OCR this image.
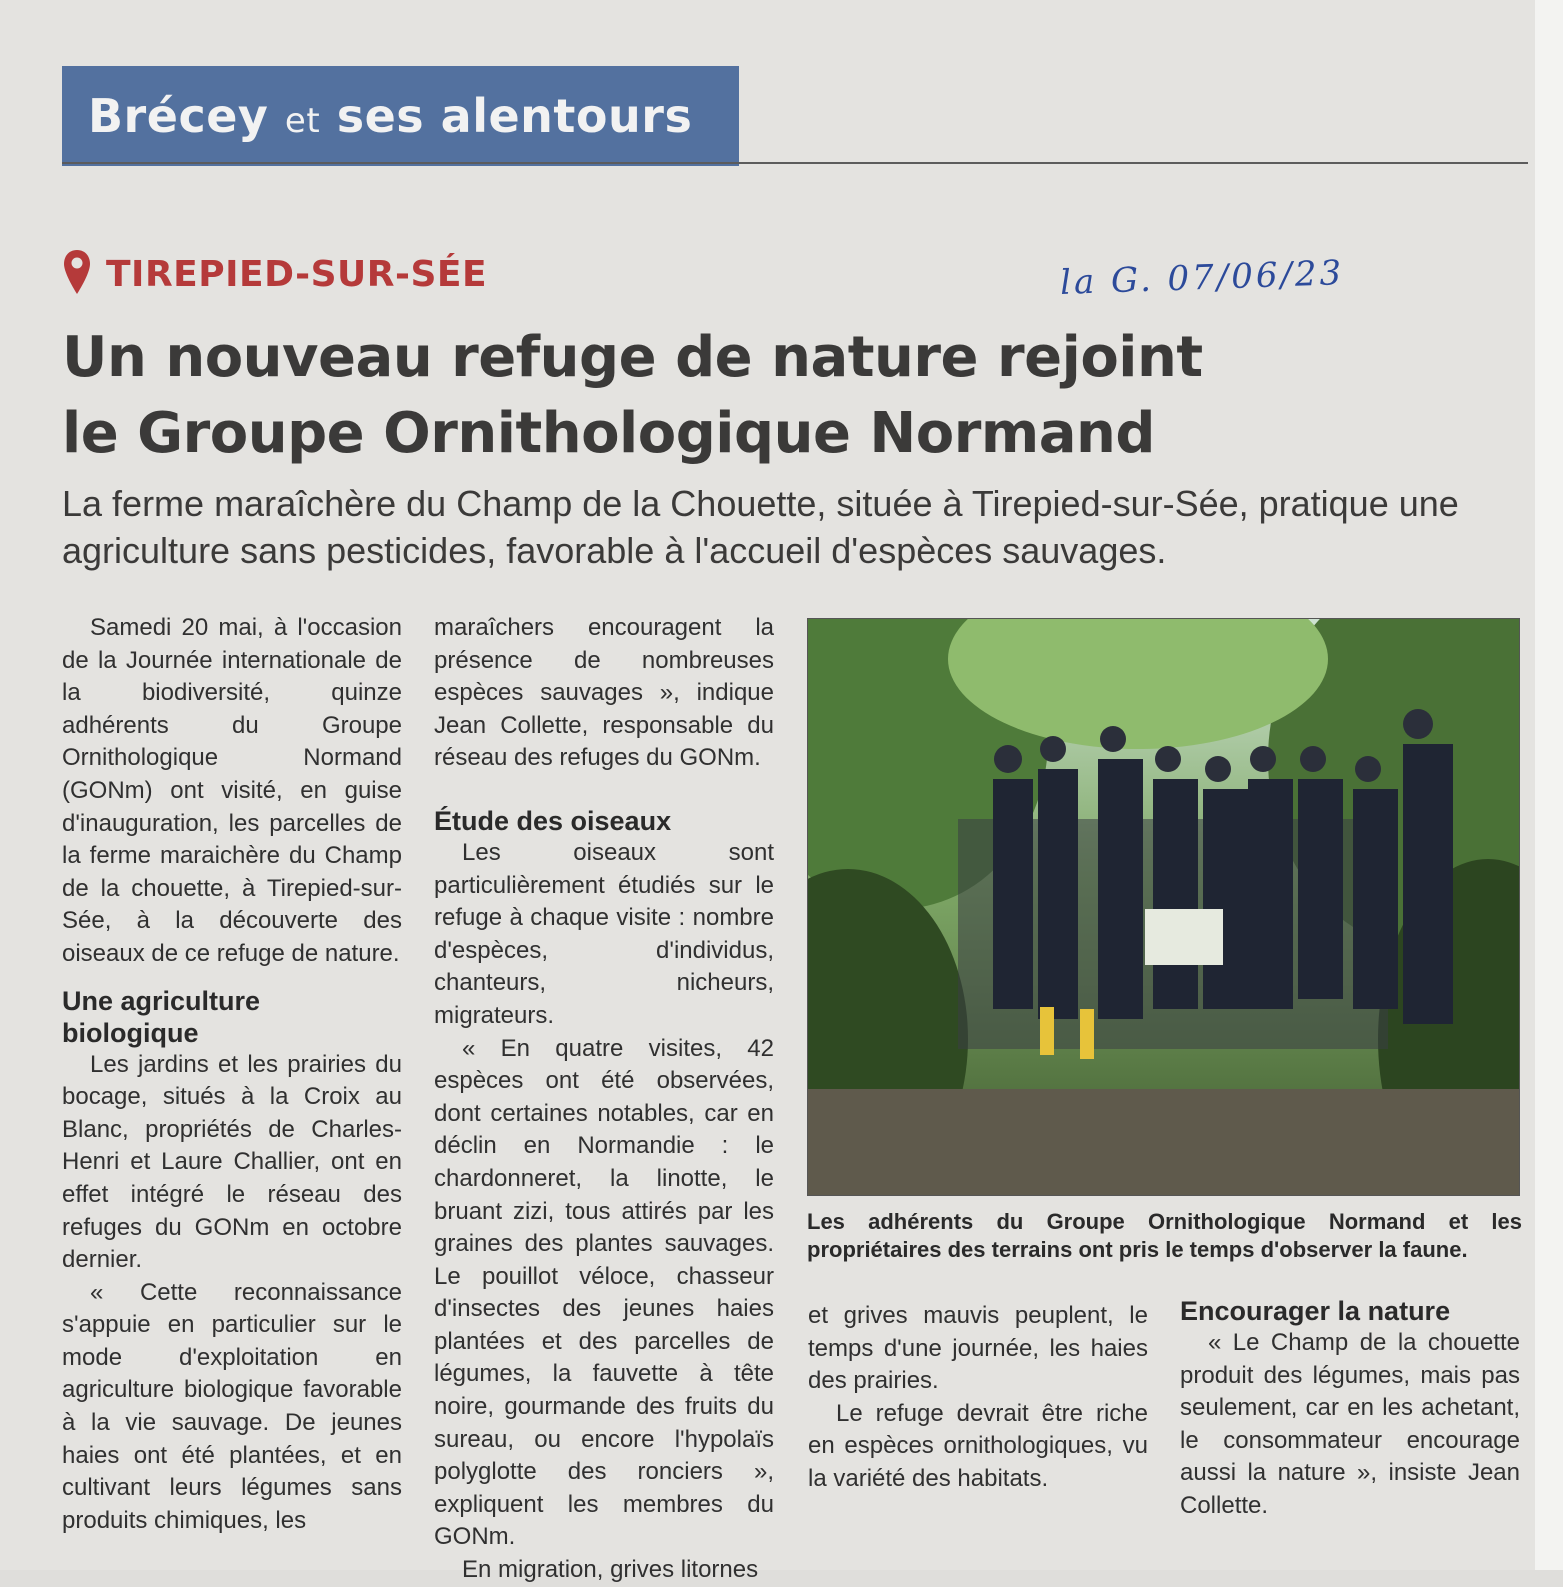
Brécey et ses alentours
TIREPIED-SUR-SÉE	la G. 07/06/23
Un nouveau refuge de nature rejoint
le Groupe Ornithologique Normand
La ferme maraîchère du Champ de la Chouette, située à Tirepied-sur-Sée, pratique une agriculture sans pesticides, favorable à l'accueil d'espèces sauvages.

Samedi 20 mai, à l'occasion de la Journée internationale de la biodiversité, quinze adhérents du Groupe Ornithologique Normand (GONm) ont visité, en guise d'inauguration, les parcelles de la ferme maraichère du Champ de la chouette, à Tirepied-sur-Sée, à la découverte des oiseaux de ce refuge de nature.

Une agriculture biologique

Les jardins et les prairies du bocage, situés à la Croix au Blanc, propriétés de Charles-Henri et Laure Challier, ont en effet intégré le réseau des refuges du GONm en octobre dernier.

« Cette reconnaissance s'appuie en particulier sur le mode d'exploitation en agriculture biologique favorable à la vie sauvage. De jeunes haies ont été plantées, et en cultivant leurs légumes sans produits chimiques, les

maraîchers encouragent la présence de nombreuses espèces sauvages », indique Jean Collette, responsable du réseau des refuges du GONm.

Étude des oiseaux

Les oiseaux sont particulièrement étudiés sur le refuge à chaque visite : nombre d'espèces, d'individus, chanteurs, nicheurs, migrateurs.

« En quatre visites, 42 espèces ont été observées, dont certaines notables, car en déclin en Normandie : le chardonneret, la linotte, le bruant zizi, tous attirés par les graines des plantes sauvages. Le pouillot véloce, chasseur d'insectes des jeunes haies plantées et des parcelles de légumes, la fauvette à tête noire, gourmande des fruits du sureau, ou encore l'hypolaïs polyglotte des ronciers », expliquent les membres du GONm.

En migration, grives litornes

Les adhérents du Groupe Ornithologique Normand et les propriétaires des terrains ont pris le temps d'observer la faune.

et grives mauvis peuplent, le temps d'une journée, les haies des prairies.

Le refuge devrait être riche en espèces ornithologiques, vu la variété des habitats.

Encourager la nature

« Le Champ de la chouette produit des légumes, mais pas seulement, car en les achetant, le consommateur encourage aussi la nature », insiste Jean Collette.
